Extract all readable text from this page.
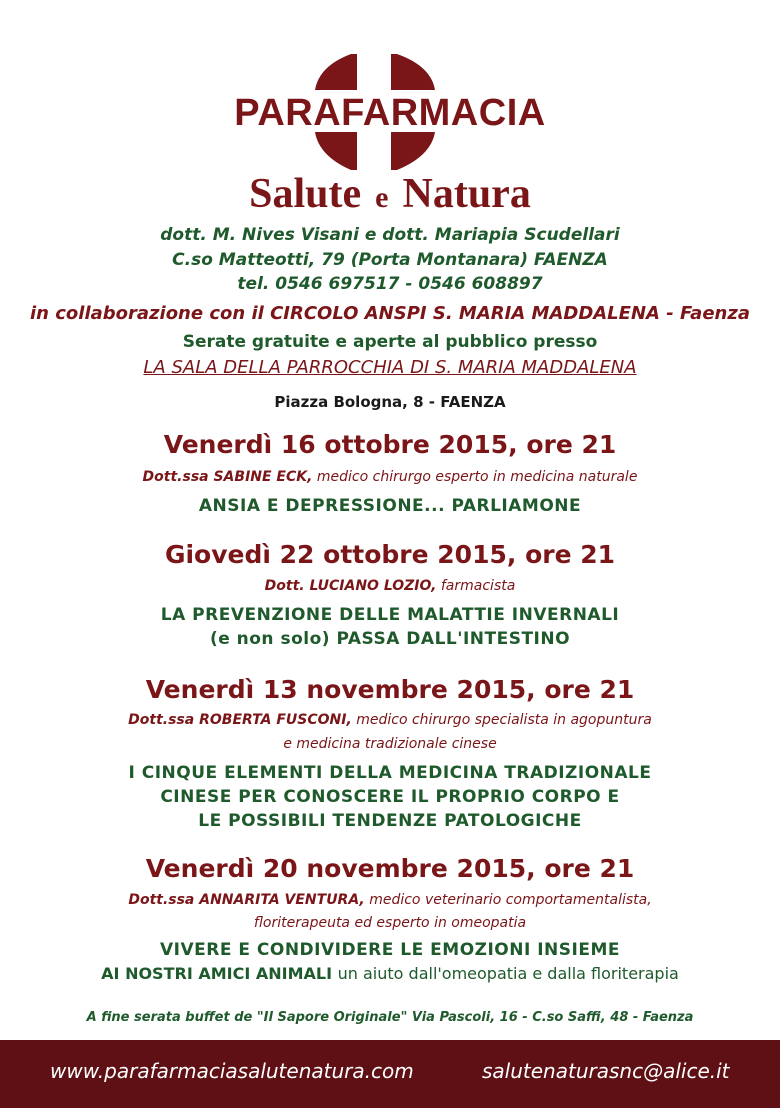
PARAFARMACIA
Salute e Natura
dott. M. Nives Visani e dott. Mariapia Scudellari
C.so Matteotti, 79 (Porta Montanara) FAENZA
tel. 0546 697517 - 0546 608897
in collaborazione con il CIRCOLO ANSPI S. MARIA MADDALENA - Faenza
Serate gratuite e aperte al pubblico presso
LA SALA DELLA PARROCCHIA DI S. MARIA MADDALENA
Piazza Bologna, 8 - FAENZA
Venerdì 16 ottobre 2015, ore 21
Dott.ssa SABINE ECK, medico chirurgo esperto in medicina naturale
ANSIA E DEPRESSIONE... PARLIAMONE
Giovedì 22 ottobre 2015, ore 21
Dott. LUCIANO LOZIO, farmacista
LA PREVENZIONE DELLE MALATTIE INVERNALI
(e non solo) PASSA DALL'INTESTINO
Venerdì 13 novembre 2015, ore 21
Dott.ssa ROBERTA FUSCONI, medico chirurgo specialista in agopuntura
e medicina tradizionale cinese
I CINQUE ELEMENTI DELLA MEDICINA TRADIZIONALE
CINESE PER CONOSCERE IL PROPRIO CORPO E
LE POSSIBILI TENDENZE PATOLOGICHE
Venerdì 20 novembre 2015, ore 21
Dott.ssa ANNARITA VENTURA, medico veterinario comportamentalista,
floriterapeuta ed esperto in omeopatia
VIVERE E CONDIVIDERE LE EMOZIONI INSIEME
AI NOSTRI AMICI ANIMALI un aiuto dall'omeopatia e dalla floriterapia
A fine serata buffet de "Il Sapore Originale" Via Pascoli, 16 - C.so Saffi, 48 - Faenza
www.parafarmaciasalutenatura.com	salutenaturasnc@alice.it
